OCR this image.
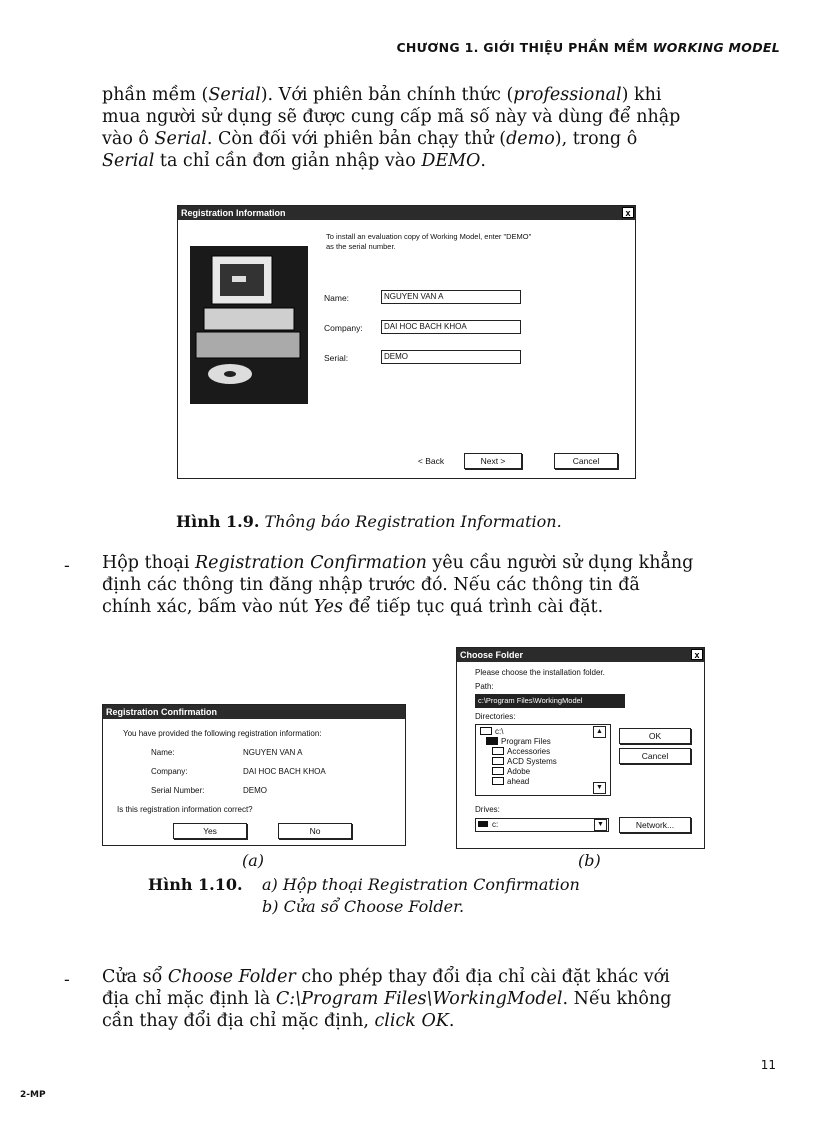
CHƯƠNG 1. GIỚI THIỆU PHẦN MỀM WORKING MODEL
phần mềm (Serial). Với phiên bản chính thức (professional) khi
mua người sử dụng sẽ được cung cấp mã số này và dùng để nhập
vào ô Serial. Còn đối với phiên bản chạy thử (demo), trong ô
Serial ta chỉ cần đơn giản nhập vào DEMO.
Registration Information	x
To install an evaluation copy of Working Model, enter "DEMO" as the serial number.
Name:	NGUYEN VAN A
Company:	DAI HOC BACH KHOA
Serial:	DEMO
< Back	Next >	Cancel
Hình 1.9. Thông báo Registration Information.
- Hộp thoại Registration Confirmation yêu cầu người sử dụng khẳng
định các thông tin đăng nhập trước đó. Nếu các thông tin đã
chính xác, bấm vào nút Yes để tiếp tục quá trình cài đặt.
Registration Confirmation
You have provided the following registration information:
Name:	NGUYEN VAN A
Company:	DAI HOC BACH KHOA
Serial Number:	DEMO
Is this registration information correct?
Yes	No
Choose Folder	x
Please choose the installation folder.
Path:
c:\Program Files\WorkingModel
Directories:
c:\
Program Files
Accessories
ACD Systems
Adobe
ahead
▲
▼
OK
Cancel
Drives:
c:	▼	Network...
(a)	(b)
Hình 1.10. a) Hộp thoại Registration Confirmation
b) Cửa sổ Choose Folder.
- Cửa sổ Choose Folder cho phép thay đổi địa chỉ cài đặt khác với
địa chỉ mặc định là C:\Program Files\WorkingModel. Nếu không
cần thay đổi địa chỉ mặc định, click OK.
11
2-MP
